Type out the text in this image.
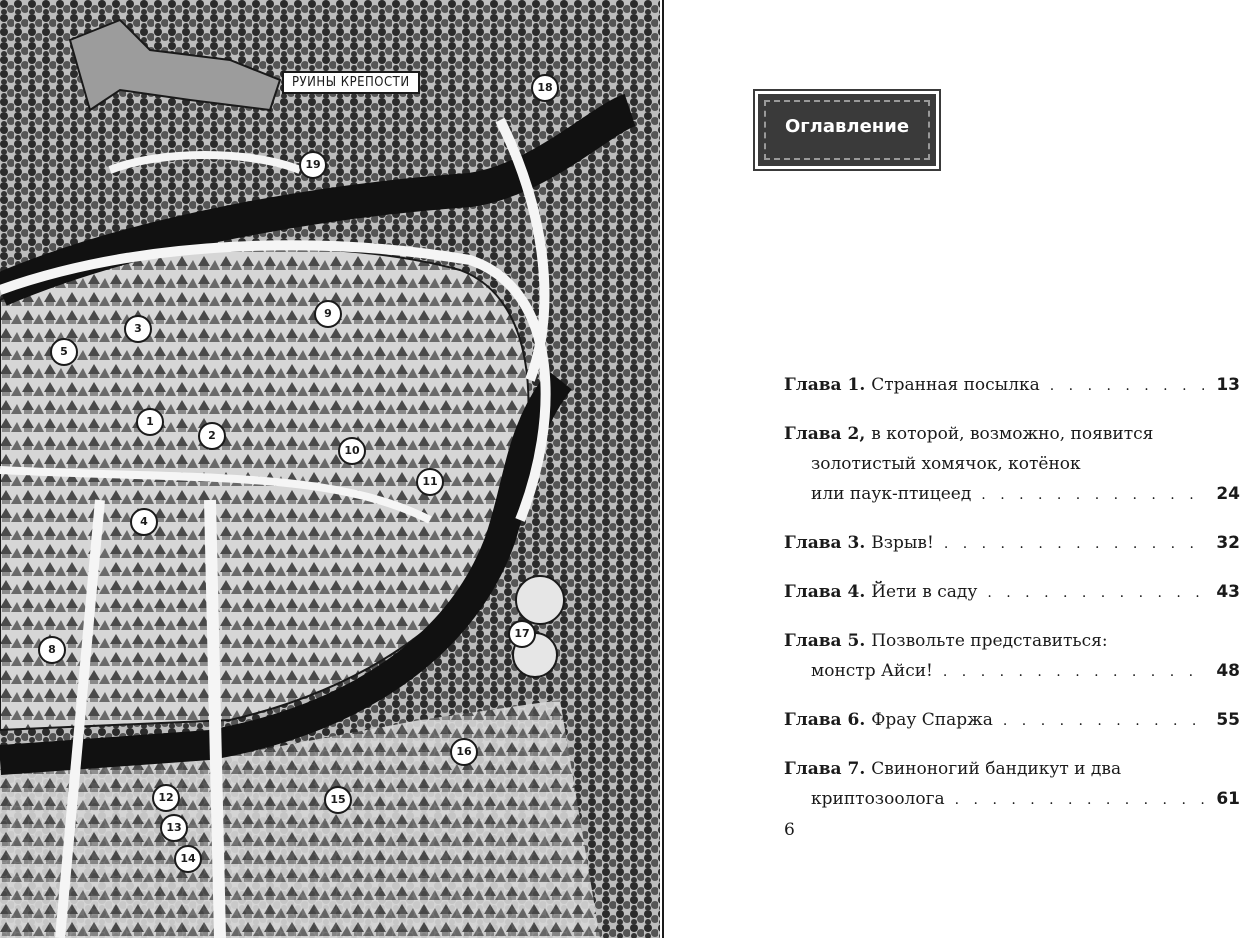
РУИНЫ КРЕПОСТИ
1
2
3
4
5
8
9
10
11
12
13
14
15
16
17
18
19
Оглавление
Глава 1. Странная посылка . . .	13
Глава 2, в которой, возможно, появится
золотистый хомячок, котёнок
или паук-птицеед . . .	24
Глава 3. Взрыв! . . .	32
Глава 4. Йети в саду . . .	43
Глава 5. Позвольте представиться:
монстр Айси! . . .	48
Глава 6. Фрау Спаржа . . .	55
Глава 7. Свиноногий бандикут и два
криптозоолога . . .	61
6
